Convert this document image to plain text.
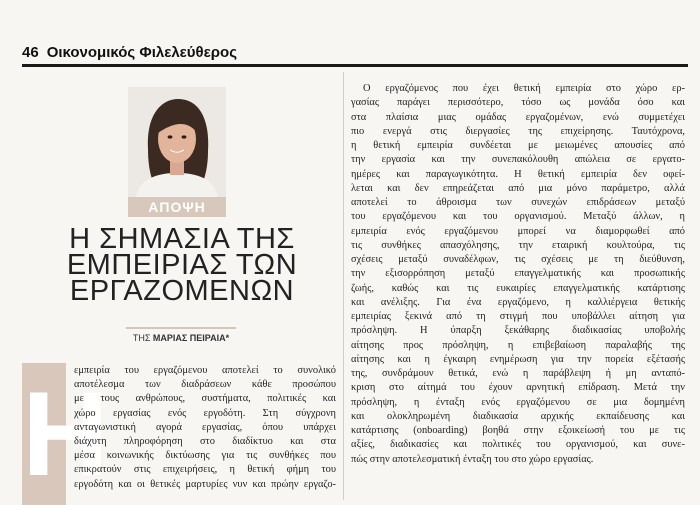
46 Οικονομικός Φιλελεύθερος
ΑΠΟΨΗ
Η ΣΗΜΑΣΙΑ ΤΗΣ
ΕΜΠΕΙΡΙΑΣ ΤΩΝ
ΕΡΓΑΖΟΜΕΝΩΝ
ΤΗΣ ΜΑΡΙΑΣ ΠΕΙΡΑΙΑ*
Η
εμπειρία του εργαζόμενου αποτελεί το συνολικό
αποτέλεσμα των διαδράσεων κάθε προσώπου
με τους ανθρώπους, συστήματα, πολιτικές και
χώρο εργασίας ενός εργοδότη. Στη σύγχρονη
ανταγωνιστική αγορά εργασίας, όπου υπάρχει
διάχυτη πληροφόρηση στο διαδίκτυο και στα
μέσα κοινωνικής δικτύωσης για τις συνθήκες που
επικρατούν στις επιχειρήσεις, η θετική φήμη του
εργοδότη και οι θετικές μαρτυρίες νυν και πρώην εργαζο-
Ο εργαζόμενος που έχει θετική εμπειρία στο χώρο ερ-
γασίας παράγει περισσότερο, τόσο ως μονάδα όσο και
στα πλαίσια μιας ομάδας εργαζομένων, ενώ συμμετέχει
πιο ενεργά στις διεργασίες της επιχείρησης. Ταυτόχρονα,
η θετική εμπειρία συνδέεται με μειωμένες απουσίες από
την εργασία και την συνεπακόλουθη απώλεια σε εργατο-
ημέρες και παραγωγικότητα. Η θετική εμπειρία δεν οφεί-
λεται και δεν επηρεάζεται από μια μόνο παράμετρο, αλλά
αποτελεί το άθροισμα των συνεχών επιδράσεων μεταξύ
του εργαζόμενου και του οργανισμού. Μεταξύ άλλων, η
εμπειρία ενός εργαζόμενου μπορεί να διαμορφωθεί από
τις συνθήκες απασχόλησης, την εταιρική κουλτούρα, τις
σχέσεις μεταξύ συναδέλφων, τις σχέσεις με τη διεύθυνση,
την εξισορρόπηση μεταξύ επαγγελματικής και προσωπικής
ζωής, καθώς και τις ευκαιρίες επαγγελματικής κατάρτισης
και ανέλιξης. Για ένα εργαζόμενο, η καλλιέργεια θετικής
εμπειρίας ξεκινά από τη στιγμή που υποβάλλει αίτηση για
πρόσληψη. Η ύπαρξη ξεκάθαρης διαδικασίας υποβολής
αίτησης προς πρόσληψη, η επιβεβαίωση παραλαβής της
αίτησης και η έγκαιρη ενημέρωση για την πορεία εξέτασής
της, συνδράμουν θετικά, ενώ η παράβλεψη ή μη ανταπό-
κριση στο αίτημά του έχουν αρνητική επίδραση. Μετά την
πρόσληψη, η ένταξη ενός εργαζόμενου σε μια δομημένη
και ολοκληρωμένη διαδικασία αρχικής εκπαίδευσης και
κατάρτισης (onboarding) βοηθά στην εξοικείωσή του με τις
αξίες, διαδικασίες και πολιτικές του οργανισμού, και συνε-
πώς στην αποτελεσματική ένταξη του στο χώρο εργασίας.
